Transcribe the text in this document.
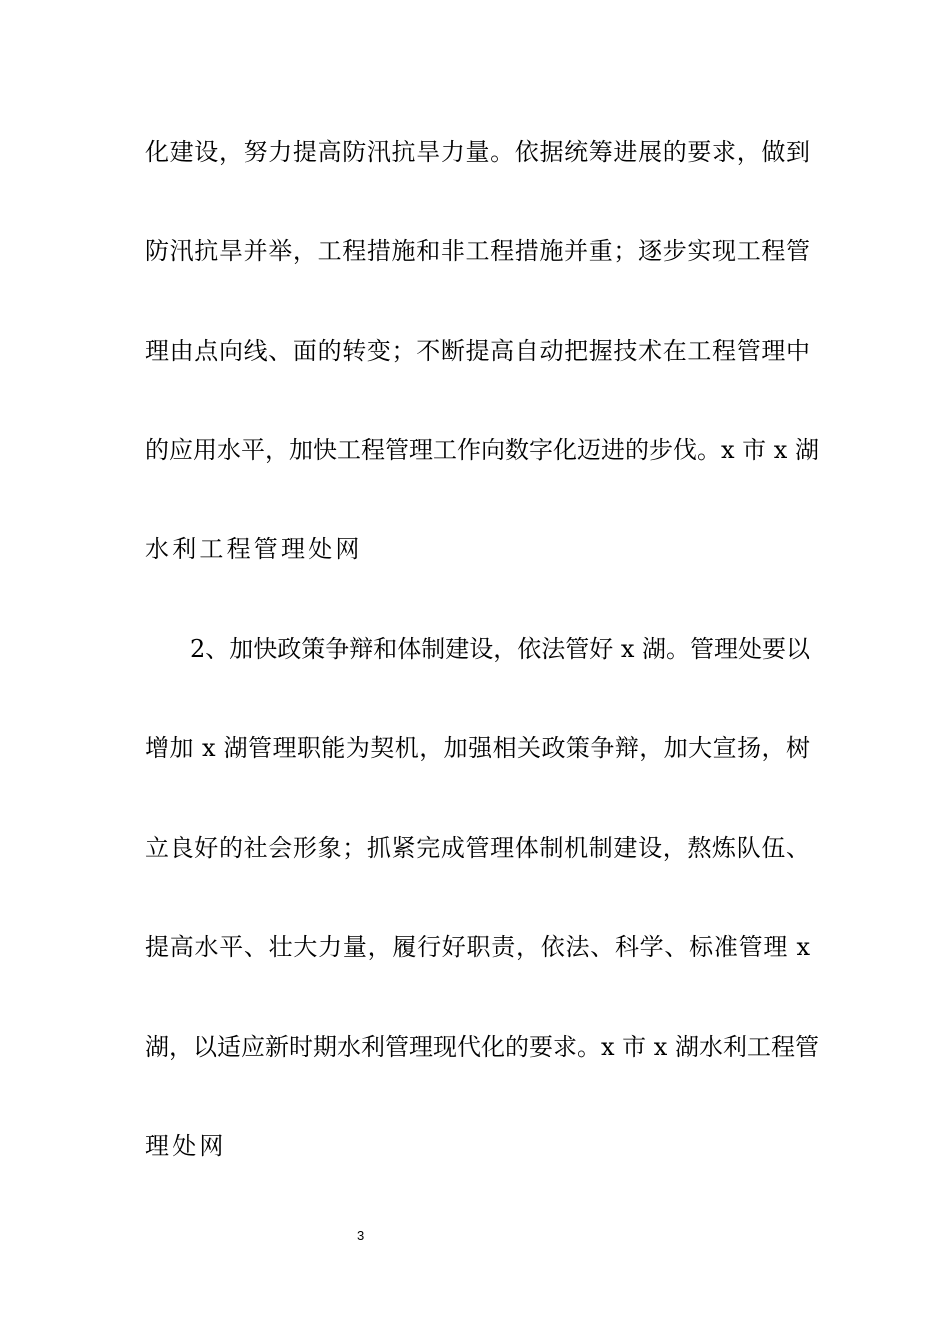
化建设，努力提高防汛抗旱力量。依据统筹进展的要求，做到
防汛抗旱并举，工程措施和非工程措施并重；逐步实现工程管
理由点向线、面的转变；不断提高自动把握技术在工程管理中
的应用水平，加快工程管理工作向数字化迈进的步伐。x 市 x 湖
水利工程管理处网
2、加快政策争辩和体制建设，依法管好 x 湖。管理处要以
增加 x 湖管理职能为契机，加强相关政策争辩，加大宣扬，树
立良好的社会形象；抓紧完成管理体制机制建设，熬炼队伍、
提高水平、壮大力量，履行好职责，依法、科学、标准管理 x
湖，以适应新时期水利管理现代化的要求。x 市 x 湖水利工程管
理处网
3
